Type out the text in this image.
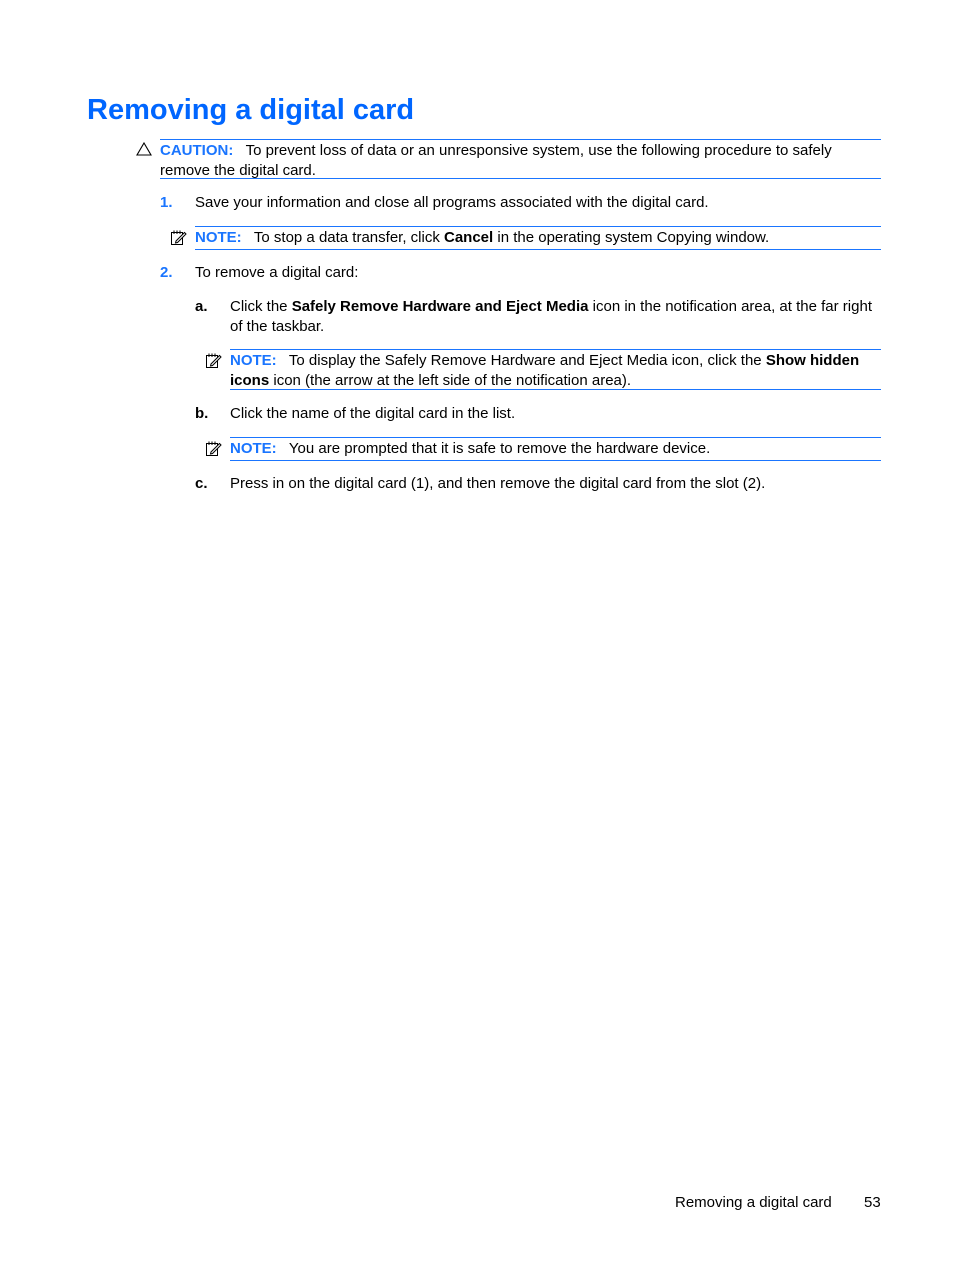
Removing a digital card
CAUTION: To prevent loss of data or an unresponsive system, use the following procedure to safely remove the digital card.
1. Save your information and close all programs associated with the digital card.
NOTE: To stop a data transfer, click Cancel in the operating system Copying window.
2. To remove a digital card:
a. Click the Safely Remove Hardware and Eject Media icon in the notification area, at the far right of the taskbar.
NOTE: To display the Safely Remove Hardware and Eject Media icon, click the Show hidden icons icon (the arrow at the left side of the notification area).
b. Click the name of the digital card in the list.
NOTE: You are prompted that it is safe to remove the hardware device.
c. Press in on the digital card (1), and then remove the digital card from the slot (2).
Removing a digital card 53
